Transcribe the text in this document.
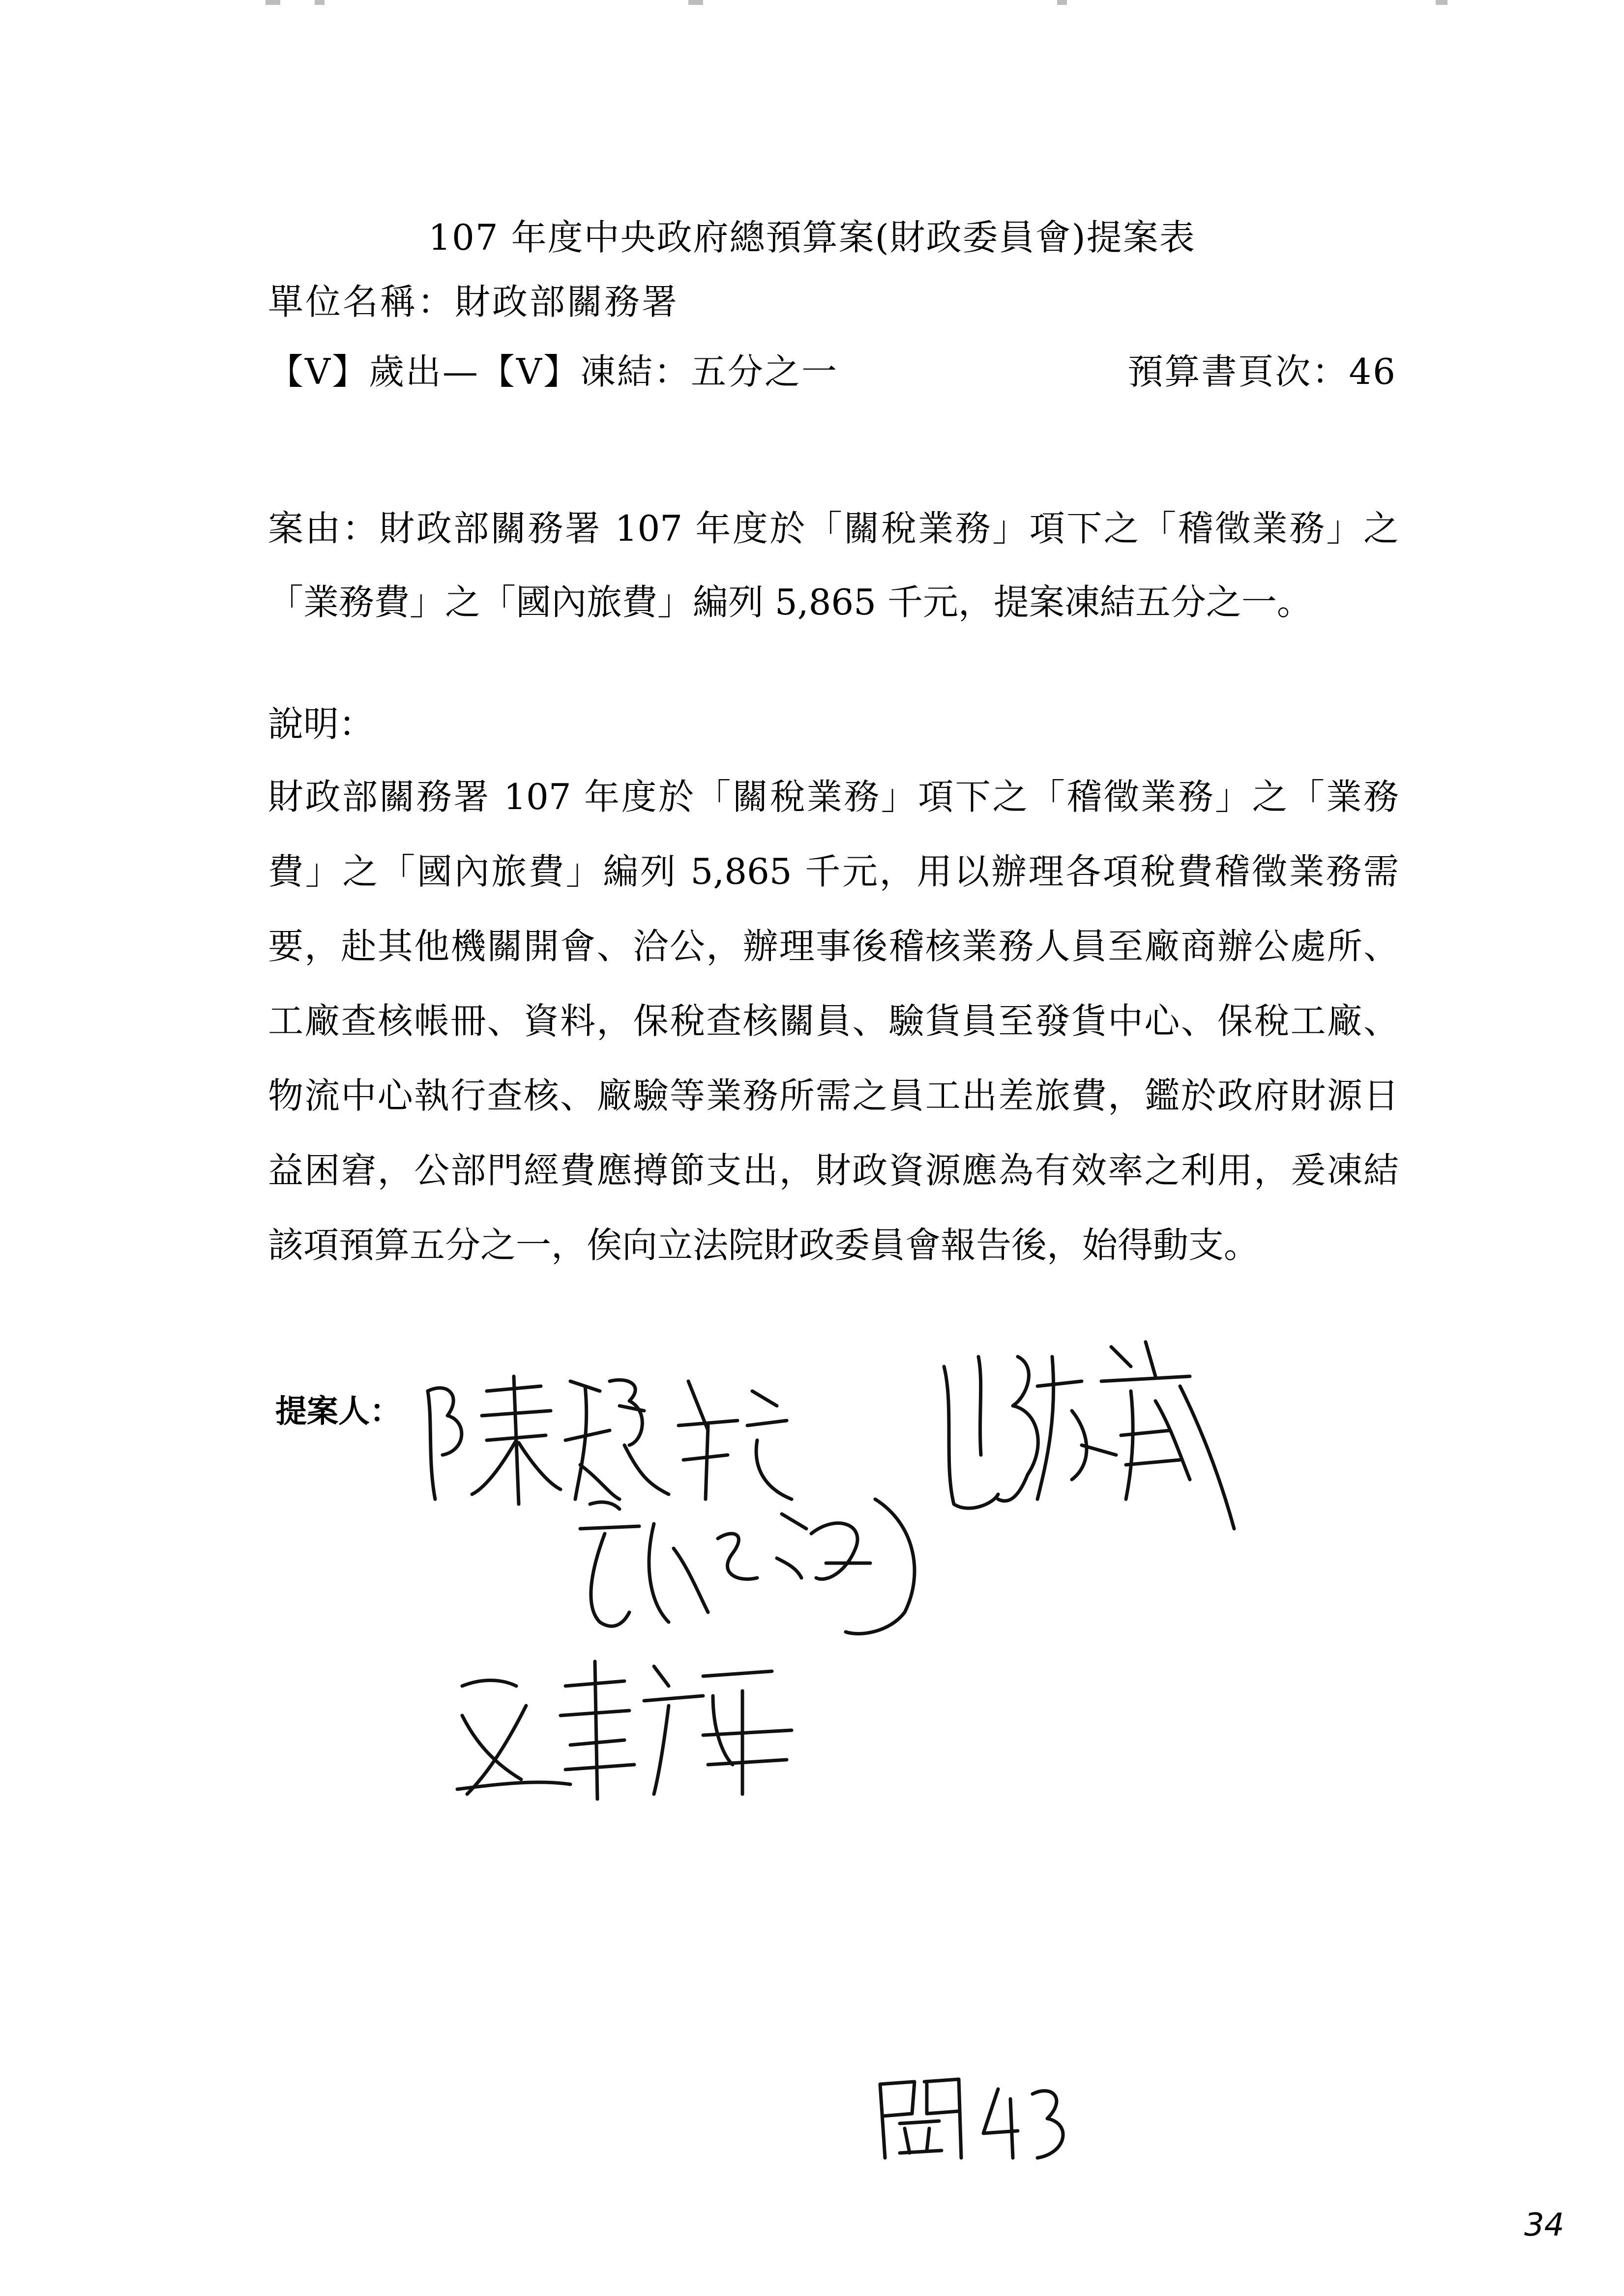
107 年度中央政府總預算案(財政委員會)提案表
單位名稱：財政部關務署
【V】歲出—【V】凍結：五分之一	預算書頁次：46
案由：財政部關務署 107 年度於「關稅業務」項下之「稽徵業務」之「業務費」之「國內旅費」編列 5,865 千元，提案凍結五分之一。
說明：
財政部關務署 107 年度於「關稅業務」項下之「稽徵業務」之「業務費」之「國內旅費」編列 5,865 千元，用以辦理各項稅費稽徵業務需要，赴其他機關開會、洽公，辦理事後稽核業務人員至廠商辦公處所、工廠查核帳冊、資料，保稅查核關員、驗貨員至發貨中心、保稅工廠、物流中心執行查核、廠驗等業務所需之員工出差旅費，鑑於政府財源日益困窘，公部門經費應撙節支出，財政資源應為有效率之利用，爰凍結該項預算五分之一，俟向立法院財政委員會報告後，始得動支。
提案人：
34
